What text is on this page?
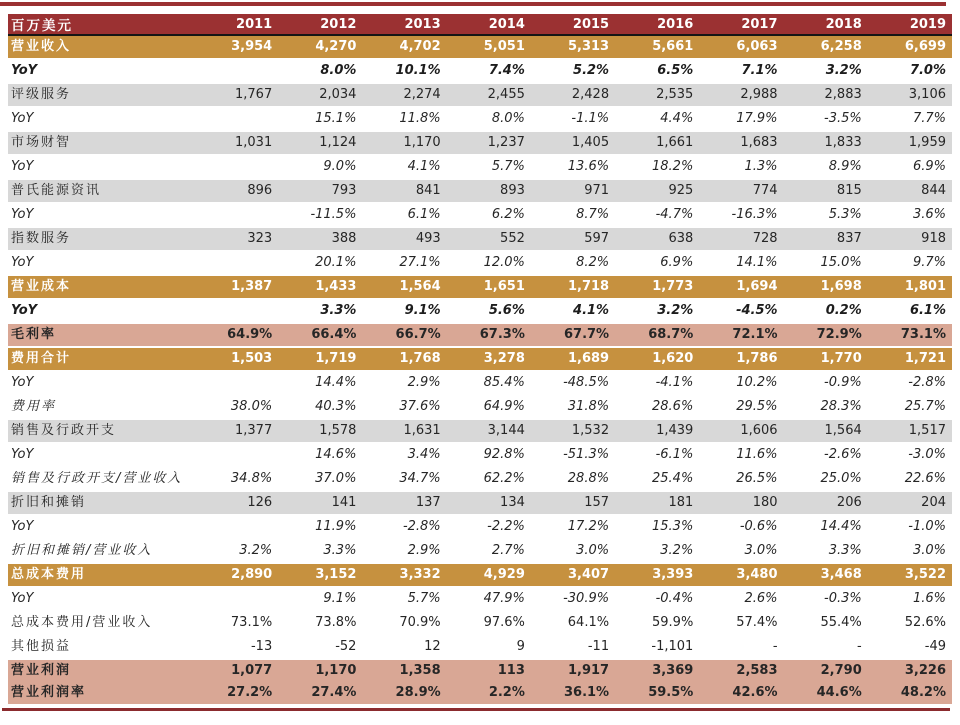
百万美元	2011	2012	2013	2014	2015	2016	2017	2018	2019
营业收入	3,954	4,270	4,702	5,051	5,313	5,661	6,063	6,258	6,699
YoY		8.0%	10.1%	7.4%	5.2%	6.5%	7.1%	3.2%	7.0%
评级服务	1,767	2,034	2,274	2,455	2,428	2,535	2,988	2,883	3,106
YoY		15.1%	11.8%	8.0%	-1.1%	4.4%	17.9%	-3.5%	7.7%
市场财智	1,031	1,124	1,170	1,237	1,405	1,661	1,683	1,833	1,959
YoY		9.0%	4.1%	5.7%	13.6%	18.2%	1.3%	8.9%	6.9%
普氏能源资讯	896	793	841	893	971	925	774	815	844
YoY		-11.5%	6.1%	6.2%	8.7%	-4.7%	-16.3%	5.3%	3.6%
指数服务	323	388	493	552	597	638	728	837	918
YoY		20.1%	27.1%	12.0%	8.2%	6.9%	14.1%	15.0%	9.7%
营业成本	1,387	1,433	1,564	1,651	1,718	1,773	1,694	1,698	1,801
YoY		3.3%	9.1%	5.6%	4.1%	3.2%	-4.5%	0.2%	6.1%
毛利率	64.9%	66.4%	66.7%	67.3%	67.7%	68.7%	72.1%	72.9%	73.1%
费用合计	1,503	1,719	1,768	3,278	1,689	1,620	1,786	1,770	1,721
YoY		14.4%	2.9%	85.4%	-48.5%	-4.1%	10.2%	-0.9%	-2.8%
费用率	38.0%	40.3%	37.6%	64.9%	31.8%	28.6%	29.5%	28.3%	25.7%
销售及行政开支	1,377	1,578	1,631	3,144	1,532	1,439	1,606	1,564	1,517
YoY		14.6%	3.4%	92.8%	-51.3%	-6.1%	11.6%	-2.6%	-3.0%
销售及行政开支/营业收入	34.8%	37.0%	34.7%	62.2%	28.8%	25.4%	26.5%	25.0%	22.6%
折旧和摊销	126	141	137	134	157	181	180	206	204
YoY		11.9%	-2.8%	-2.2%	17.2%	15.3%	-0.6%	14.4%	-1.0%
折旧和摊销/营业收入	3.2%	3.3%	2.9%	2.7%	3.0%	3.2%	3.0%	3.3%	3.0%
总成本费用	2,890	3,152	3,332	4,929	3,407	3,393	3,480	3,468	3,522
YoY		9.1%	5.7%	47.9%	-30.9%	-0.4%	2.6%	-0.3%	1.6%
总成本费用/营业收入	73.1%	73.8%	70.9%	97.6%	64.1%	59.9%	57.4%	55.4%	52.6%
其他损益	-13	-52	12	9	-11	-1,101	-	-	-49
营业利润	1,077	1,170	1,358	113	1,917	3,369	2,583	2,790	3,226
营业利润率	27.2%	27.4%	28.9%	2.2%	36.1%	59.5%	42.6%	44.6%	48.2%
